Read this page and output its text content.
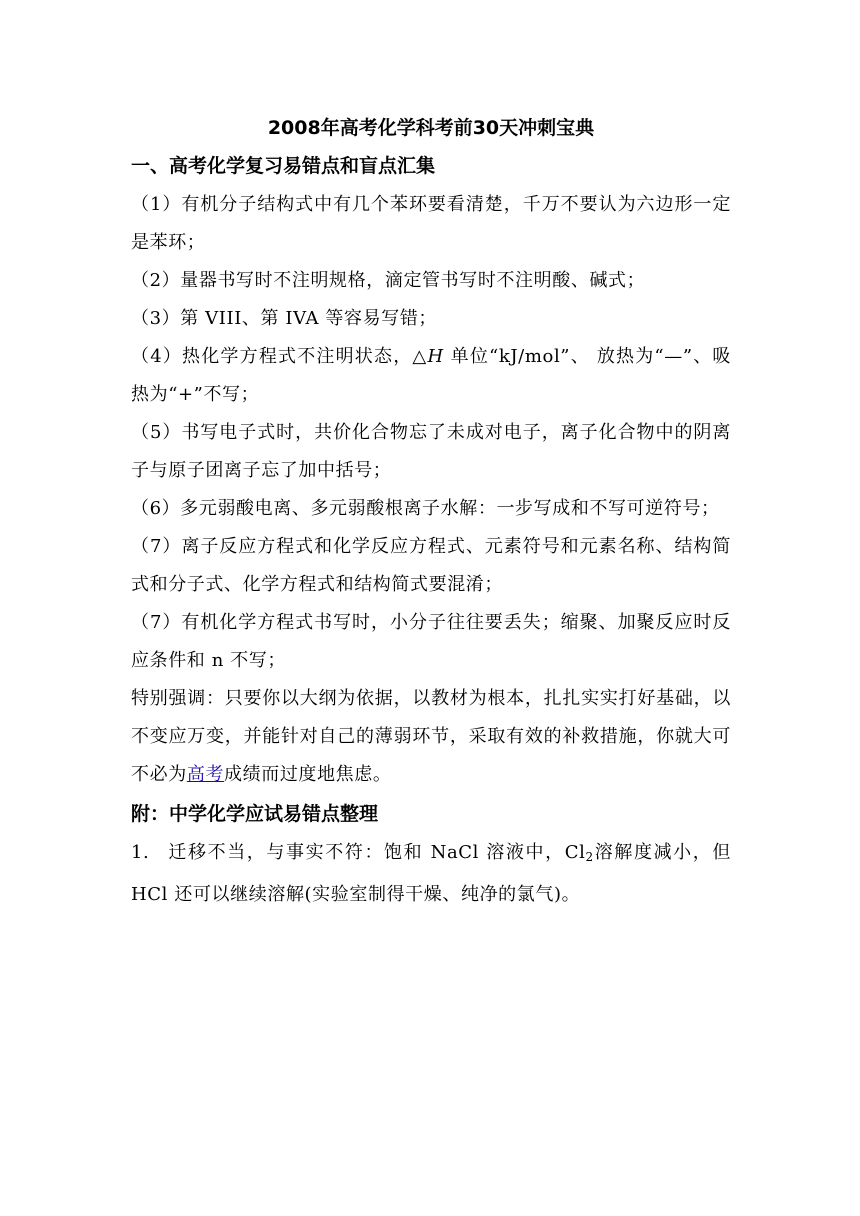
2008年高考化学科考前30天冲刺宝典

一、高考化学复习易错点和盲点汇集

（1）有机分子结构式中有几个苯环要看清楚，千万不要认为六边形一定是苯环；

（2）量器书写时不注明规格，滴定管书写时不注明酸、碱式；

（3）第 VIII、第 IVA 等容易写错；

（4）热化学方程式不注明状态，△H 单位“kJ/mol”、 放热为“—”、吸热为“+”不写；

（5）书写电子式时，共价化合物忘了未成对电子，离子化合物中的阴离子与原子团离子忘了加中括号；

（6）多元弱酸电离、多元弱酸根离子水解：一步写成和不写可逆符号；

（7）离子反应方程式和化学反应方程式、元素符号和元素名称、结构简式和分子式、化学方程式和结构简式要混淆；

（7）有机化学方程式书写时，小分子往往要丢失；缩聚、加聚反应时反应条件和 n 不写；

特别强调：只要你以大纲为依据，以教材为根本，扎扎实实打好基础，以不变应万变，并能针对自己的薄弱环节，采取有效的补救措施，你就大可不必为高考成绩而过度地焦虑。

附：中学化学应试易错点整理

1. 迁移不当，与事实不符：饱和 NaCl 溶液中，$Cl_2$溶解度减小，但 HCl 还可以继续溶解(实验室制得干燥、纯净的氯气)。
